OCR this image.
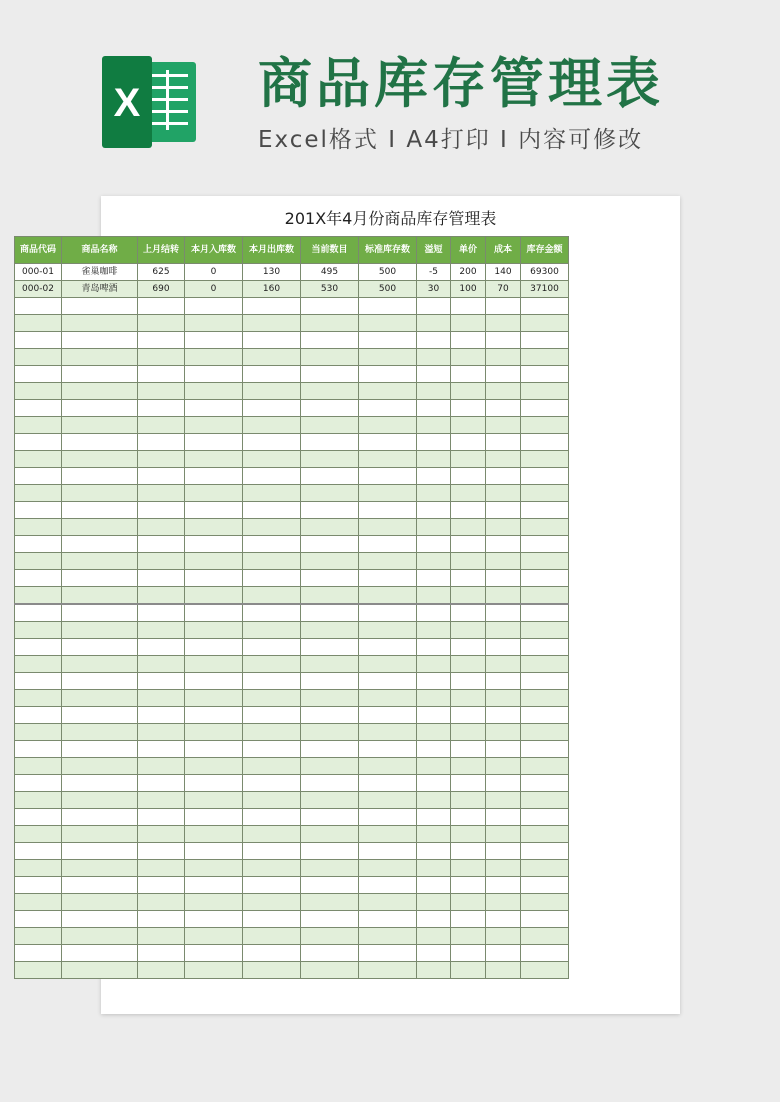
X 商品库存管理表
Excel格式 I A4打印 I 内容可修改
201X年4月份商品库存管理表
商品代码	商品名称	上月结转	本月入库数	本月出库数	当前数目	标准库存数	溢短	单价	成本	库存金额
000-01	雀巢咖啡	625	0	130	495	500	-5	200	140	69300
000-02	青岛啤酒	690	0	160	530	500	30	100	70	37100
